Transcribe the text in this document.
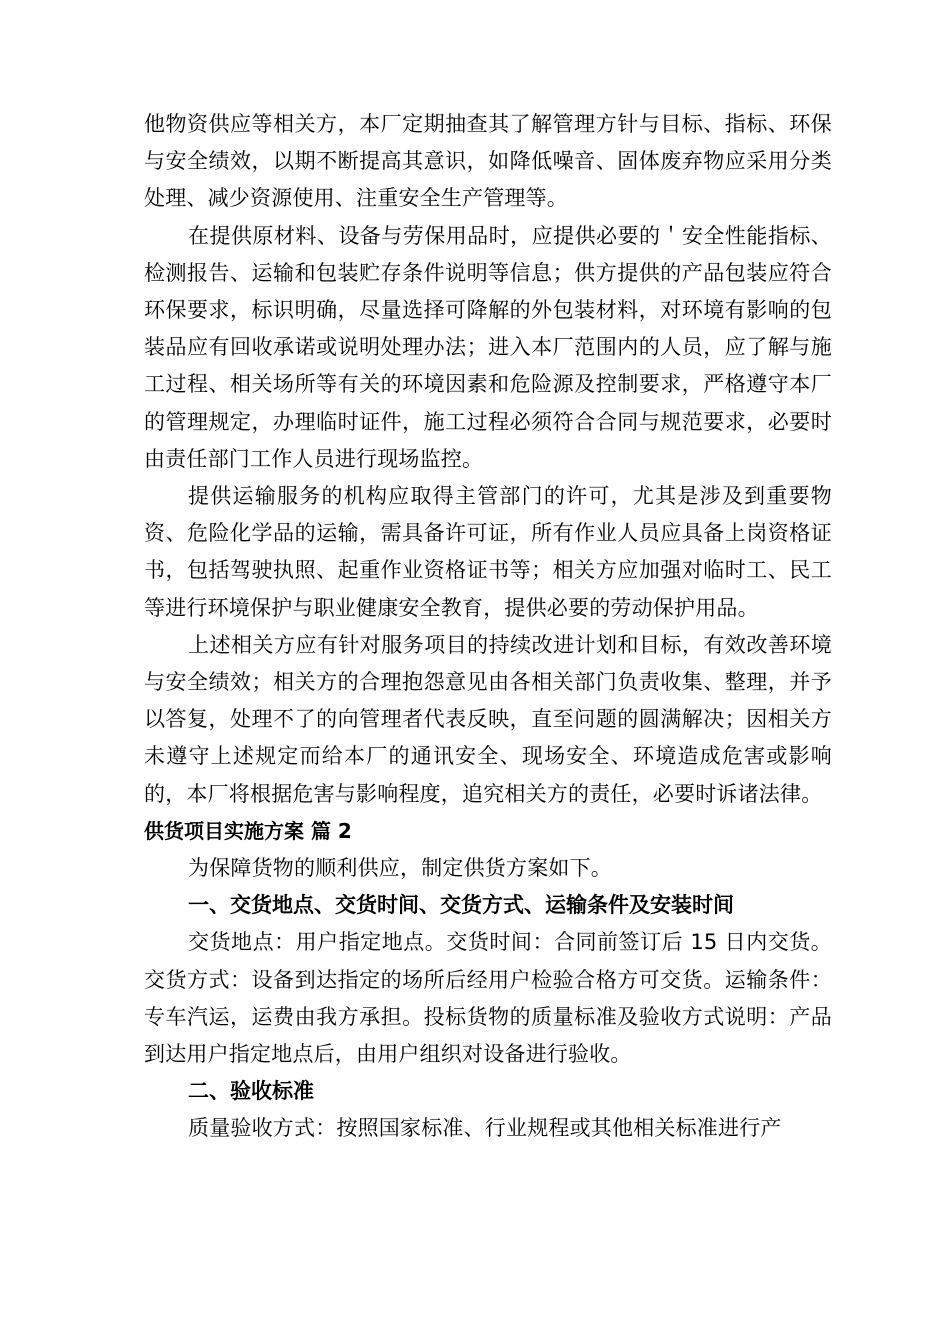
他物资供应等相关方，本厂定期抽查其了解管理方针与目标、指标、环保与安全绩效，以期不断提高其意识，如降低噪音、固体废弃物应采用分类处理、减少资源使用、注重安全生产管理等。

在提供原材料、设备与劳保用品时，应提供必要的＇安全性能指标、检测报告、运输和包装贮存条件说明等信息；供方提供的产品包装应符合环保要求，标识明确，尽量选择可降解的外包装材料，对环境有影响的包装品应有回收承诺或说明处理办法；进入本厂范围内的人员，应了解与施工过程、相关场所等有关的环境因素和危险源及控制要求，严格遵守本厂的管理规定，办理临时证件，施工过程必须符合合同与规范要求，必要时由责任部门工作人员进行现场监控。

提供运输服务的机构应取得主管部门的许可，尤其是涉及到重要物资、危险化学品的运输，需具备许可证，所有作业人员应具备上岗资格证书，包括驾驶执照、起重作业资格证书等；相关方应加强对临时工、民工等进行环境保护与职业健康安全教育，提供必要的劳动保护用品。

上述相关方应有针对服务项目的持续改进计划和目标，有效改善环境与安全绩效；相关方的合理抱怨意见由各相关部门负责收集、整理，并予以答复，处理不了的向管理者代表反映，直至问题的圆满解决；因相关方未遵守上述规定而给本厂的通讯安全、现场安全、环境造成危害或影响的，本厂将根据危害与影响程度，追究相关方的责任，必要时诉诸法律。

供货项目实施方案 篇 2

为保障货物的顺利供应，制定供货方案如下。

一、交货地点、交货时间、交货方式、运输条件及安装时间

交货地点：用户指定地点。交货时间：合同前签订后 15 日内交货。交货方式：设备到达指定的场所后经用户检验合格方可交货。运输条件：专车汽运，运费由我方承担。投标货物的质量标准及验收方式说明：产品到达用户指定地点后，由用户组织对设备进行验收。

二、验收标准

质量验收方式：按照国家标准、行业规程或其他相关标准进行产
